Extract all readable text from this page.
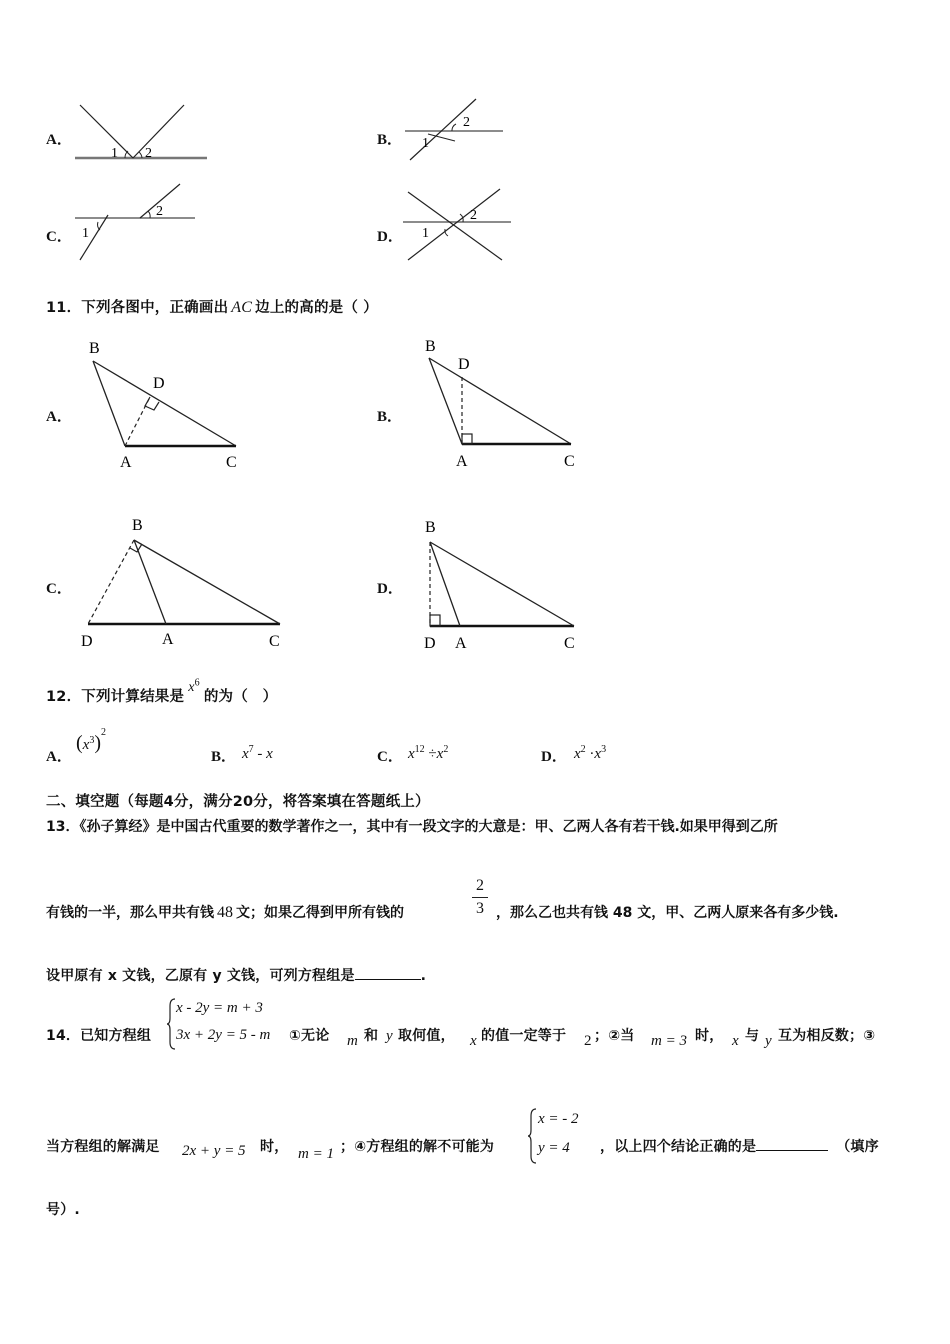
A．
1 2
B．
2
1
C．
2
1	D．
2
1
11．下列各图中，正确画出 AC 边上的高的是（ ）
A．
B
D
A	C
B．
B
D
A	C
C．
B
D	A	C
D．
B
D A	C
12．下列计算结果是$x^6$的为（　）
A．
$(x^3)^2$
B． $x^7$ - x	C． $x^{12} \div x^2$	D． $x^2 \cdot x^3$
二、填空题（每题4分，满分20分，将答案填在答题纸上）
13．《孙子算经》是中国古代重要的数学著作之一，其中有一段文字的大意是：甲、乙两人各有若干钱.如果甲得到乙所
有钱的一半，那么甲共有钱 48 文；如果乙得到甲所有钱的
2
3 ，那么乙也共有钱 48 文，甲、乙两人原来各有多少钱.
设甲原有 x 文钱，乙原有 y 文钱，可列方程组是	.
14．已知方程组
x - 2y = m + 3
3x + 2y = 5 - m ①无论 m 和 y 取何值， x 的值一定等于 2 ；②当 m = 3 时， x 与 y 互为相反数；③
当方程组的解满足 2x + y = 5 时， m = 1 ；④方程组的解不可能为
x = - 2
y = 4 ，以上四个结论正确的是	（填序
号）.
